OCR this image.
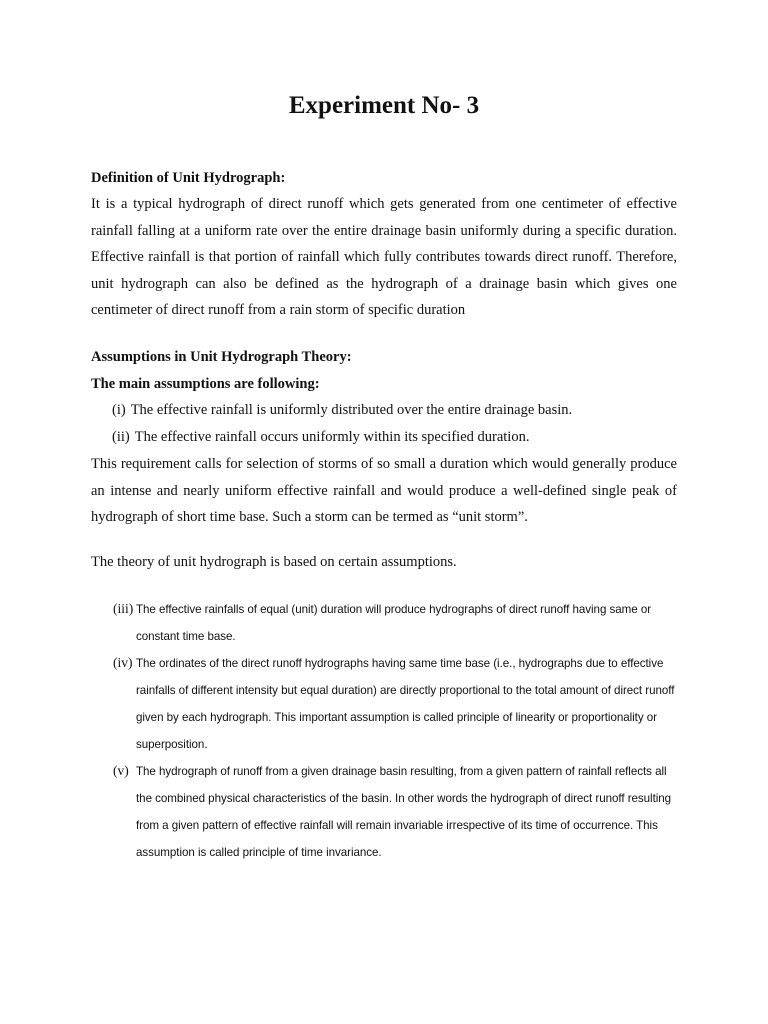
Experiment No- 3

Definition of Unit Hydrograph:

It is a typical hydrograph of direct runoff which gets generated from one centimeter of effective rainfall falling at a uniform rate over the entire drainage basin uniformly during a specific duration. Effective rainfall is that portion of rainfall which fully contributes towards direct runoff. Therefore, unit hydrograph can also be defined as the hydrograph of a drainage basin which gives one centimeter of direct runoff from a rain storm of specific duration

Assumptions in Unit Hydrograph Theory:

The main assumptions are following:

(i) The effective rainfall is uniformly distributed over the entire drainage basin.

(ii) The effective rainfall occurs uniformly within its specified duration.

This requirement calls for selection of storms of so small a duration which would generally produce an intense and nearly uniform effective rainfall and would produce a well-defined single peak of hydrograph of short time base. Such a storm can be termed as “unit storm”.

The theory of unit hydrograph is based on certain assumptions.

(iii) The effective rainfalls of equal (unit) duration will produce hydrographs of direct runoff having same or constant time base.

(iv) The ordinates of the direct runoff hydrographs having same time base (i.e., hydrographs due to effective rainfalls of different intensity but equal duration) are directly proportional to the total amount of direct runoff given by each hydrograph. This important assumption is called principle of linearity or proportionality or superposition.

(v) The hydrograph of runoff from a given drainage basin resulting, from a given pattern of rainfall reflects all the combined physical characteristics of the basin. In other words the hydrograph of direct runoff resulting from a given pattern of effective rainfall will remain invariable irrespective of its time of occurrence. This assumption is called principle of time invariance.
